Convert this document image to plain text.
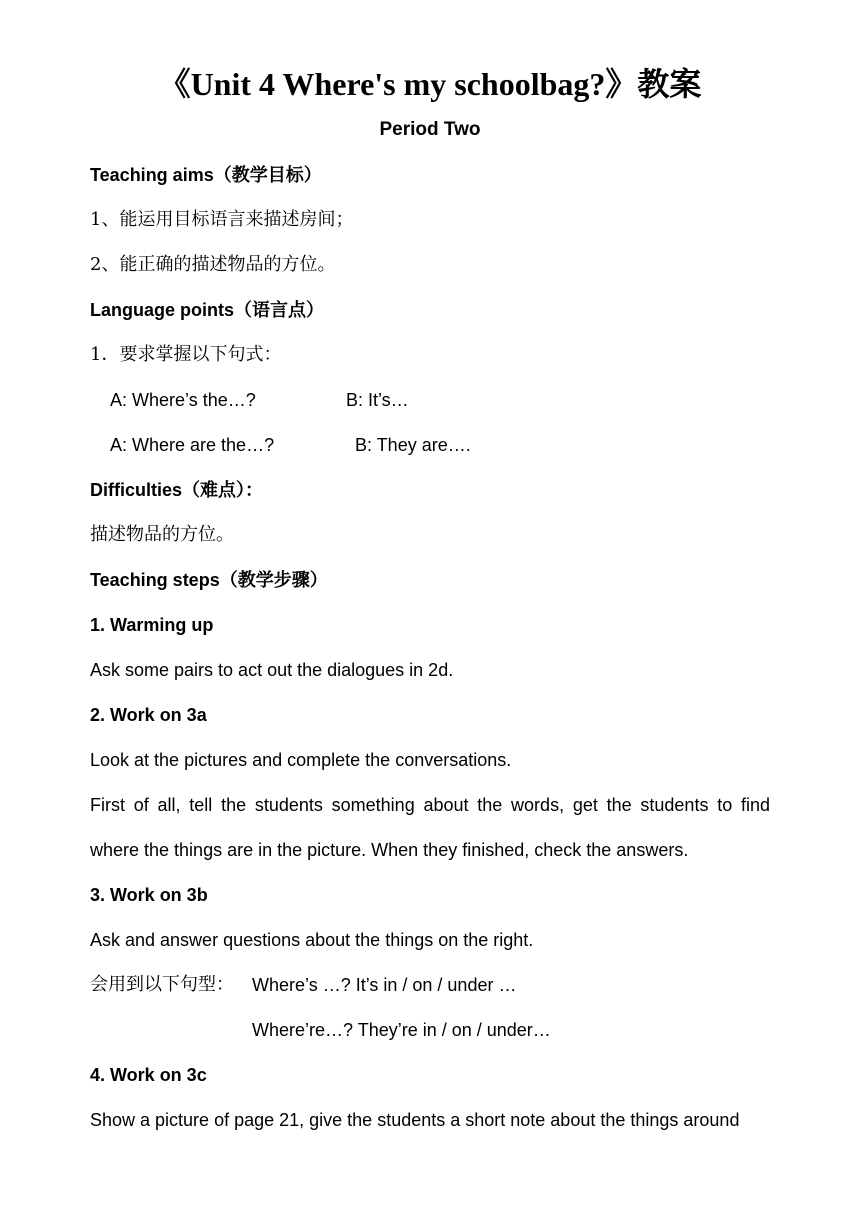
《Unit 4 Where's my schoolbag?》教案
Period Two
Teaching aims（教学目标）
1、能运用目标语言来描述房间；
2、能正确的描述物品的方位。
Language points（语言点）
1．要求掌握以下句式：
A: Where’s the…?	B: It’s…
A: Where are the…?	B: They are….
Difficulties（难点）：
描述物品的方位。
Teaching steps（教学步骤）
1. Warming up
Ask some pairs to act out the dialogues in 2d.
2. Work on 3a
Look at the pictures and complete the conversations.
First of all, tell the students something about the words, get the students to find
where the things are in the picture. When they finished, check the answers.
3. Work on 3b
Ask and answer questions about the things on the right.
会用到以下句型： Where’s …? It’s in / on / under …
Where’re…? They’re in / on / under…
4. Work on 3c
Show a picture of page 21, give the students a short note about the things around
